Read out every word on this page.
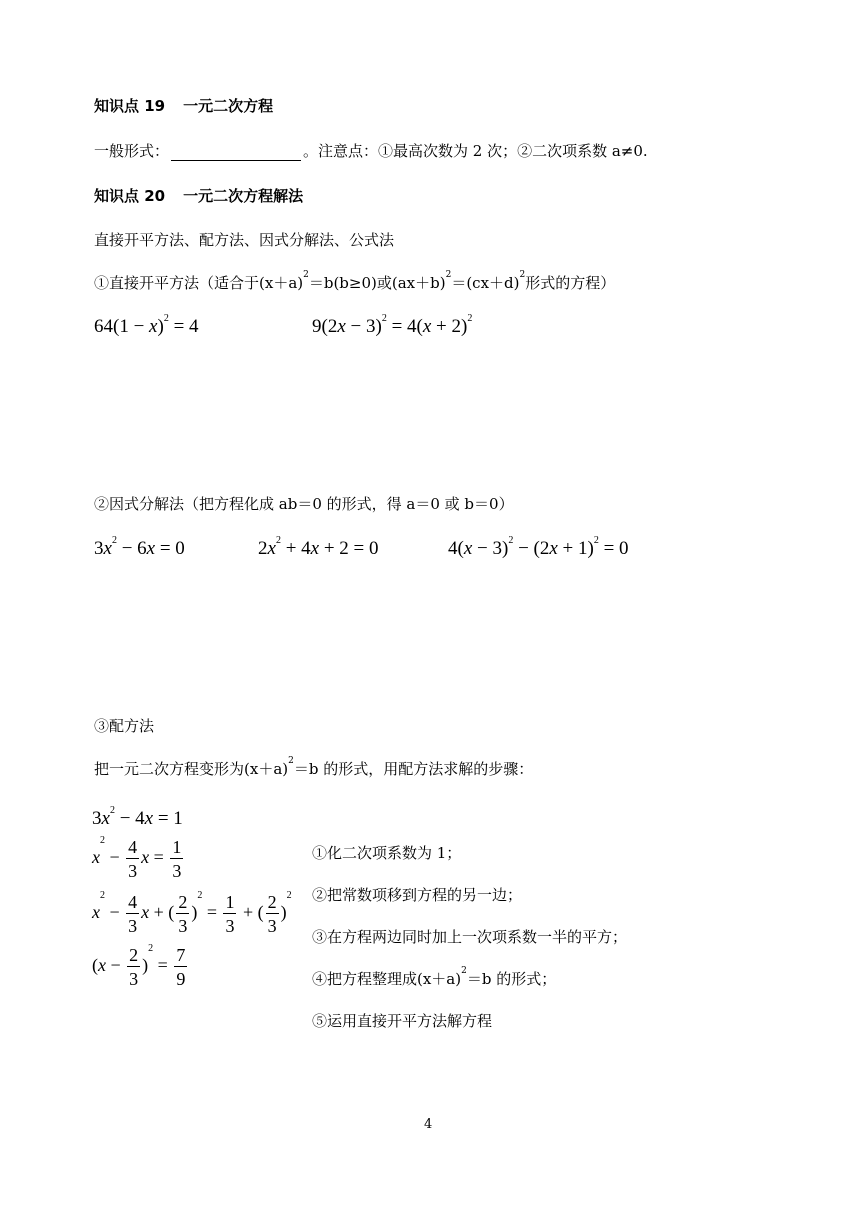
知识点 19 一元二次方程
一般形式：	。注意点：①最高次数为 2 次；②二次项系数 a≠0.
知识点 20 一元二次方程解法
直接开平方法、配方法、因式分解法、公式法
①直接开平方法（适合于$(x+a)^2=b(b\ge 0)$或$(ax+b)^2=(cx+d)^2$形式的方程）
$64(1 - x)^2 = 4$	$9(2x - 3)^2 = 4(x + 2)^2$
②因式分解法（把方程化成 ab＝0 的形式，得 a＝0 或 b＝0）
$3x^2 - 6x = 0$	$2x^2 + 4x + 2 = 0$	$4(x - 3)^2 - (2x + 1)^2 = 0$
③配方法
把一元二次方程变形为$(x+a)^2=b$ 的形式，用配方法求解的步骤：
$3x^2 - 4x = 1$
$x^2 - \frac{4}{3}$ $x = \frac{1}{3}$
$x^2 - \frac{4}{3}$ x + ( $\frac{2}{3} )^2 = \frac{1}{3}$ + ( $\frac{2}{3} )^2$
$(x - \frac{2}{3} )^2 = \frac{7}{9}$
①化二次项系数为 1；
②把常数项移到方程的另一边；
③在方程两边同时加上一次项系数一半的平方；
④把方程整理成$(x+a)^2=b$ 的形式；
⑤运用直接开平方法解方程
4
